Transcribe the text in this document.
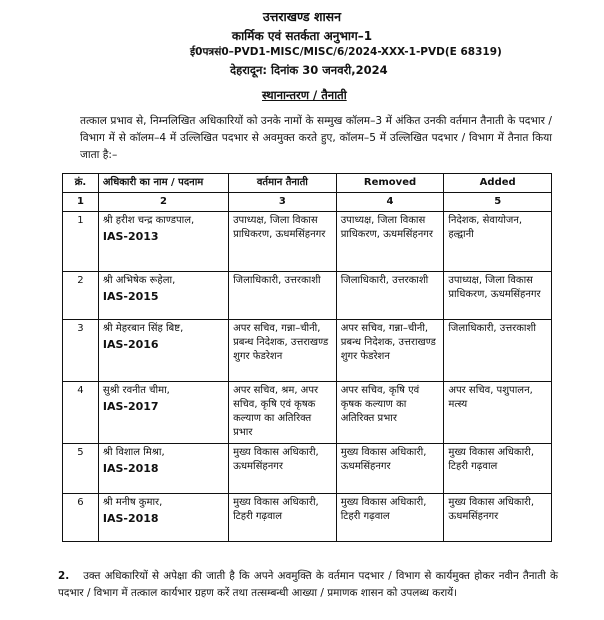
उत्तराखण्ड शासन
कार्मिक एवं सतर्कता अनुभाग–1
ई0पत्रसं0–PVD1-MISC/MISC/6/2024-XXX-1-PVD(E 68319)
देहरादून: दिनांक 30 जनवरी,2024
स्थानान्तरण / तैनाती
तत्काल प्रभाव से, निम्नलिखित अधिकारियों को उनके नामों के सम्मुख कॉलम–3 में अंकित उनकी वर्तमान तैनाती के पदभार / विभाग में से कॉलम–4 में उल्लिखित पदभार से अवमुक्त करते हुए, कॉलम–5 में उल्लिखित पदभार / विभाग में तैनात किया जाता है:–
क्रं.	अधिकारी का नाम / पदनाम	वर्तमान तैनाती	Removed	Added
1	2	3	4	5
1	श्री हरीश चन्द्र काण्डपाल,
IAS-2013	उपाध्यक्ष, जिला विकास प्राधिकरण, ऊधमसिंहनगर	उपाध्यक्ष, जिला विकास प्राधिकरण, ऊधमसिंहनगर	निदेशक, सेवायोजन, हल्द्वानी
2	श्री अभिषेक रूहेला,
IAS-2015	जिलाधिकारी, उत्तरकाशी	जिलाधिकारी, उत्तरकाशी	उपाध्यक्ष, जिला विकास प्राधिकरण, ऊधमसिंहनगर
3	श्री मेहरबान सिंह बिष्ट,
IAS-2016	अपर सचिव, गन्ना–चीनी, प्रबन्ध निदेशक, उत्तराखण्ड शुगर फेडरेशन	अपर सचिव, गन्ना–चीनी, प्रबन्ध निदेशक, उत्तराखण्ड शुगर फेडरेशन	जिलाधिकारी, उत्तरकाशी
4	सुश्री रवनीत चीमा,
IAS-2017	अपर सचिव, श्रम, अपर सचिव, कृषि एवं कृषक कल्याण का अतिरिक्त प्रभार	अपर सचिव, कृषि एवं कृषक कल्याण का अतिरिक्त प्रभार	अपर सचिव, पशुपालन, मत्स्य
5	श्री विशाल मिश्रा,
IAS-2018	मुख्य विकास अधिकारी, ऊधमसिंहनगर	मुख्य विकास अधिकारी, ऊधमसिंहनगर	मुख्य विकास अधिकारी, टिहरी गढ़वाल
6	श्री मनीष कुमार,
IAS-2018	मुख्य विकास अधिकारी, टिहरी गढ़वाल	मुख्य विकास अधिकारी, टिहरी गढ़वाल	मुख्य विकास अधिकारी, ऊधमसिंहनगर
2. उक्त अधिकारियों से अपेक्षा की जाती है कि अपने अवमुक्ति के वर्तमान पदभार / विभाग से कार्यमुक्त होकर नवीन तैनाती के पदभार / विभाग में तत्काल कार्यभार ग्रहण करें तथा तत्सम्बन्धी आख्या / प्रमाणक शासन को उपलब्ध करायें।
